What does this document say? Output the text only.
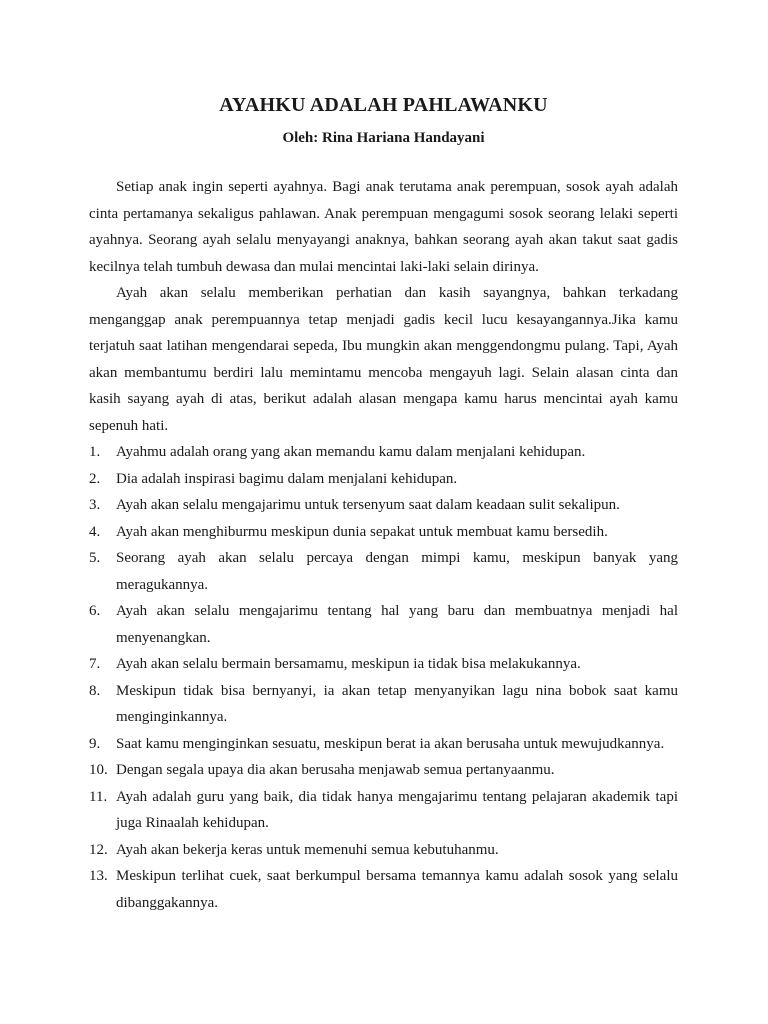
AYAHKU ADALAH PAHLAWANKU

Oleh: Rina Hariana Handayani

Setiap anak ingin seperti ayahnya. Bagi anak terutama anak perempuan, sosok ayah adalah cinta pertamanya sekaligus pahlawan. Anak perempuan mengagumi sosok seorang lelaki seperti ayahnya. Seorang ayah selalu menyayangi anaknya, bahkan seorang ayah akan takut saat gadis kecilnya telah tumbuh dewasa dan mulai mencintai laki-laki selain dirinya.

Ayah akan selalu memberikan perhatian dan kasih sayangnya, bahkan terkadang menganggap anak perempuannya tetap menjadi gadis kecil lucu kesayangannya.Jika kamu terjatuh saat latihan mengendarai sepeda, Ibu mungkin akan menggendongmu pulang. Tapi, Ayah akan membantumu berdiri lalu memintamu mencoba mengayuh lagi. Selain alasan cinta dan kasih sayang ayah di atas, berikut adalah alasan mengapa kamu harus mencintai ayah kamu sepenuh hati.

1.	Ayahmu adalah orang yang akan memandu kamu dalam menjalani kehidupan.
2.	Dia adalah inspirasi bagimu dalam menjalani kehidupan.
3.	Ayah akan selalu mengajarimu untuk tersenyum saat dalam keadaan sulit sekalipun.
4.	Ayah akan menghiburmu meskipun dunia sepakat untuk membuat kamu bersedih.
5.	Seorang ayah akan selalu percaya dengan mimpi kamu, meskipun banyak yang meragukannya.
6.	Ayah akan selalu mengajarimu tentang hal yang baru dan membuatnya menjadi hal menyenangkan.
7.	Ayah akan selalu bermain bersamamu, meskipun ia tidak bisa melakukannya.
8.	Meskipun tidak bisa bernyanyi, ia akan tetap menyanyikan lagu nina bobok saat kamu menginginkannya.
9.	Saat kamu menginginkan sesuatu, meskipun berat ia akan berusaha untuk mewujudkannya.
10. Dengan segala upaya dia akan berusaha menjawab semua pertanyaanmu.
11. Ayah adalah guru yang baik, dia tidak hanya mengajarimu tentang pelajaran akademik tapi juga Rinaalah kehidupan.
12. Ayah akan bekerja keras untuk memenuhi semua kebutuhanmu.
13. Meskipun terlihat cuek, saat berkumpul bersama temannya kamu adalah sosok yang selalu dibanggakannya.
